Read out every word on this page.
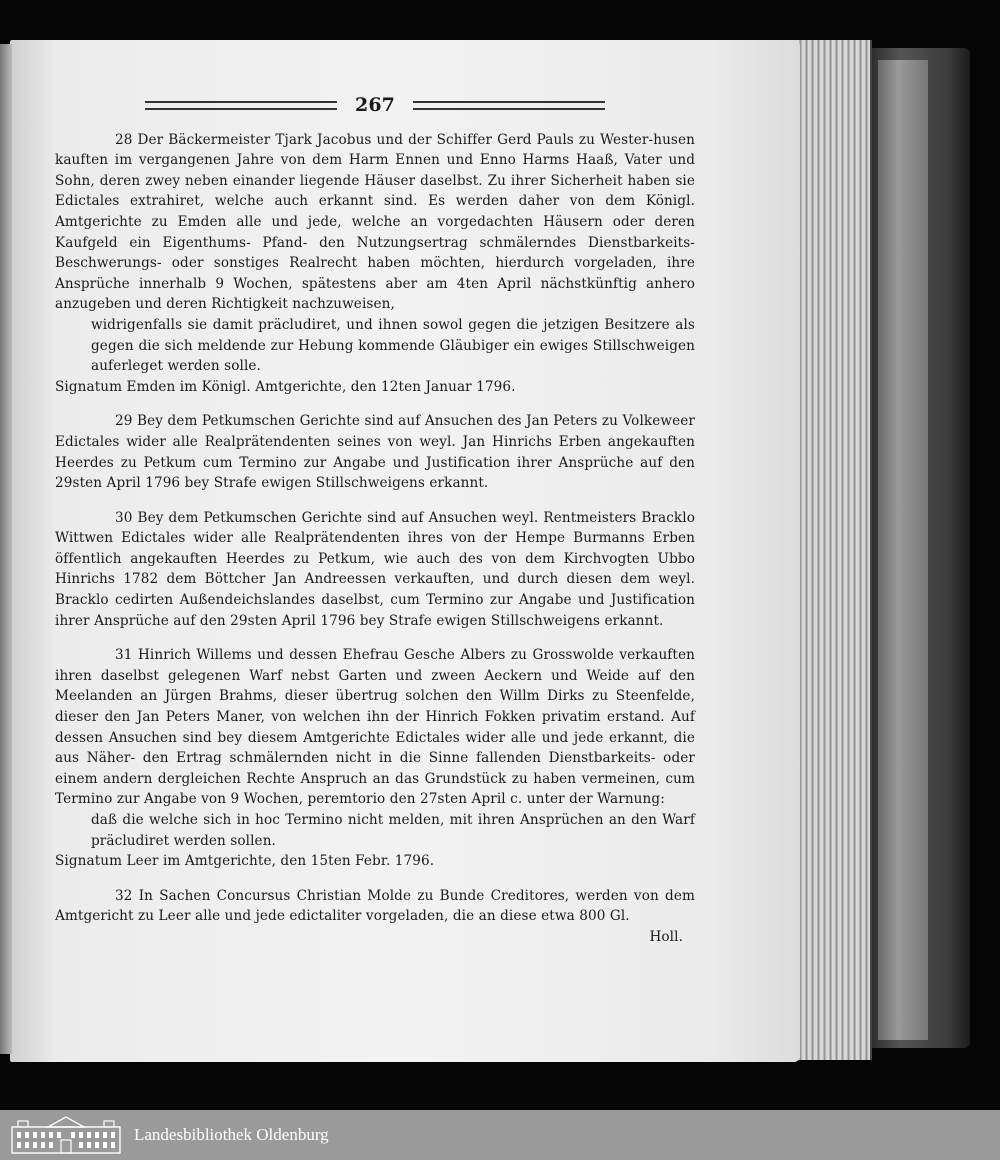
267

28 Der Bäckermeister Tjark Jacobus und der Schiffer Gerd Pauls zu Wester-husen kauften im vergangenen Jahre von dem Harm Ennen und Enno Harms Haaß, Vater und Sohn, deren zwey neben einander liegende Häuser daselbst. Zu ihrer Sicherheit haben sie Edictales extrahiret, welche auch erkannt sind. Es werden daher von dem Königl. Amtgerichte zu Emden alle und jede, welche an vorgedachten Häusern oder deren Kaufgeld ein Eigenthums- Pfand- den Nutzungsertrag schmälerndes Dienstbarkeits- Beschwerungs- oder sonstiges Realrecht haben möchten, hierdurch vorgeladen, ihre Ansprüche innerhalb 9 Wochen, spätestens aber am 4ten April nächstkünftig anhero anzugeben und deren Richtigkeit nachzuweisen,

widrigenfalls sie damit präcludiret, und ihnen sowol gegen die jetzigen Besitzere als gegen die sich meldende zur Hebung kommende Gläubiger ein ewiges Stillschweigen auferleget werden solle.

Signatum Emden im Königl. Amtgerichte, den 12ten Januar 1796.

29 Bey dem Petkumschen Gerichte sind auf Ansuchen des Jan Peters zu Volkeweer Edictales wider alle Realprätendenten seines von weyl. Jan Hinrichs Erben angekauften Heerdes zu Petkum cum Termino zur Angabe und Justification ihrer Ansprüche auf den 29sten April 1796 bey Strafe ewigen Stillschweigens erkannt.

30 Bey dem Petkumschen Gerichte sind auf Ansuchen weyl. Rentmeisters Bracklo Wittwen Edictales wider alle Realprätendenten ihres von der Hempe Burmanns Erben öffentlich angekauften Heerdes zu Petkum, wie auch des von dem Kirchvogten Ubbo Hinrichs 1782 dem Böttcher Jan Andreessen verkauften, und durch diesen dem weyl. Bracklo cedirten Außendeichslandes daselbst, cum Termino zur Angabe und Justification ihrer Ansprüche auf den 29sten April 1796 bey Strafe ewigen Stillschweigens erkannt.

31 Hinrich Willems und dessen Ehefrau Gesche Albers zu Grosswolde verkauften ihren daselbst gelegenen Warf nebst Garten und zween Aeckern und Weide auf den Meelanden an Jürgen Brahms, dieser übertrug solchen den Willm Dirks zu Steenfelde, dieser den Jan Peters Maner, von welchen ihn der Hinrich Fokken privatim erstand. Auf dessen Ansuchen sind bey diesem Amtgerichte Edictales wider alle und jede erkannt, die aus Näher- den Ertrag schmälernden nicht in die Sinne fallenden Dienstbarkeits- oder einem andern dergleichen Rechte Anspruch an das Grundstück zu haben vermeinen, cum Termino zur Angabe von 9 Wochen, peremtorio den 27sten April c. unter der Warnung:

daß die welche sich in hoc Termino nicht melden, mit ihren Ansprüchen an den Warf präcludiret werden sollen.

Signatum Leer im Amtgerichte, den 15ten Febr. 1796.

32 In Sachen Concursus Christian Molde zu Bunde Creditores, werden von dem Amtgericht zu Leer alle und jede edictaliter vorgeladen, die an diese etwa 800 Gl.

Holl.

Landesbibliothek Oldenburg
